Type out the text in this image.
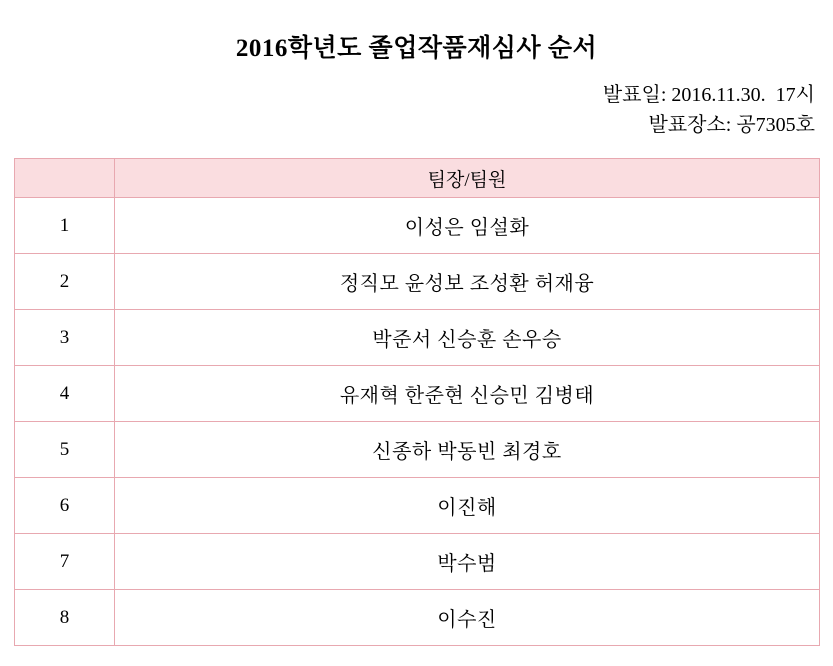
2016학년도 졸업작품재심사 순서
발표일: 2016.11.30.  17시
발표장소: 공7305호
	팀장/팀원
1	이성은 임설화
2	정직모 윤성보 조성환 허재융
3	박준서 신승훈 손우승
4	유재혁 한준현 신승민 김병태
5	신종하 박동빈 최경호
6	이진해
7	박수범
8	이수진
